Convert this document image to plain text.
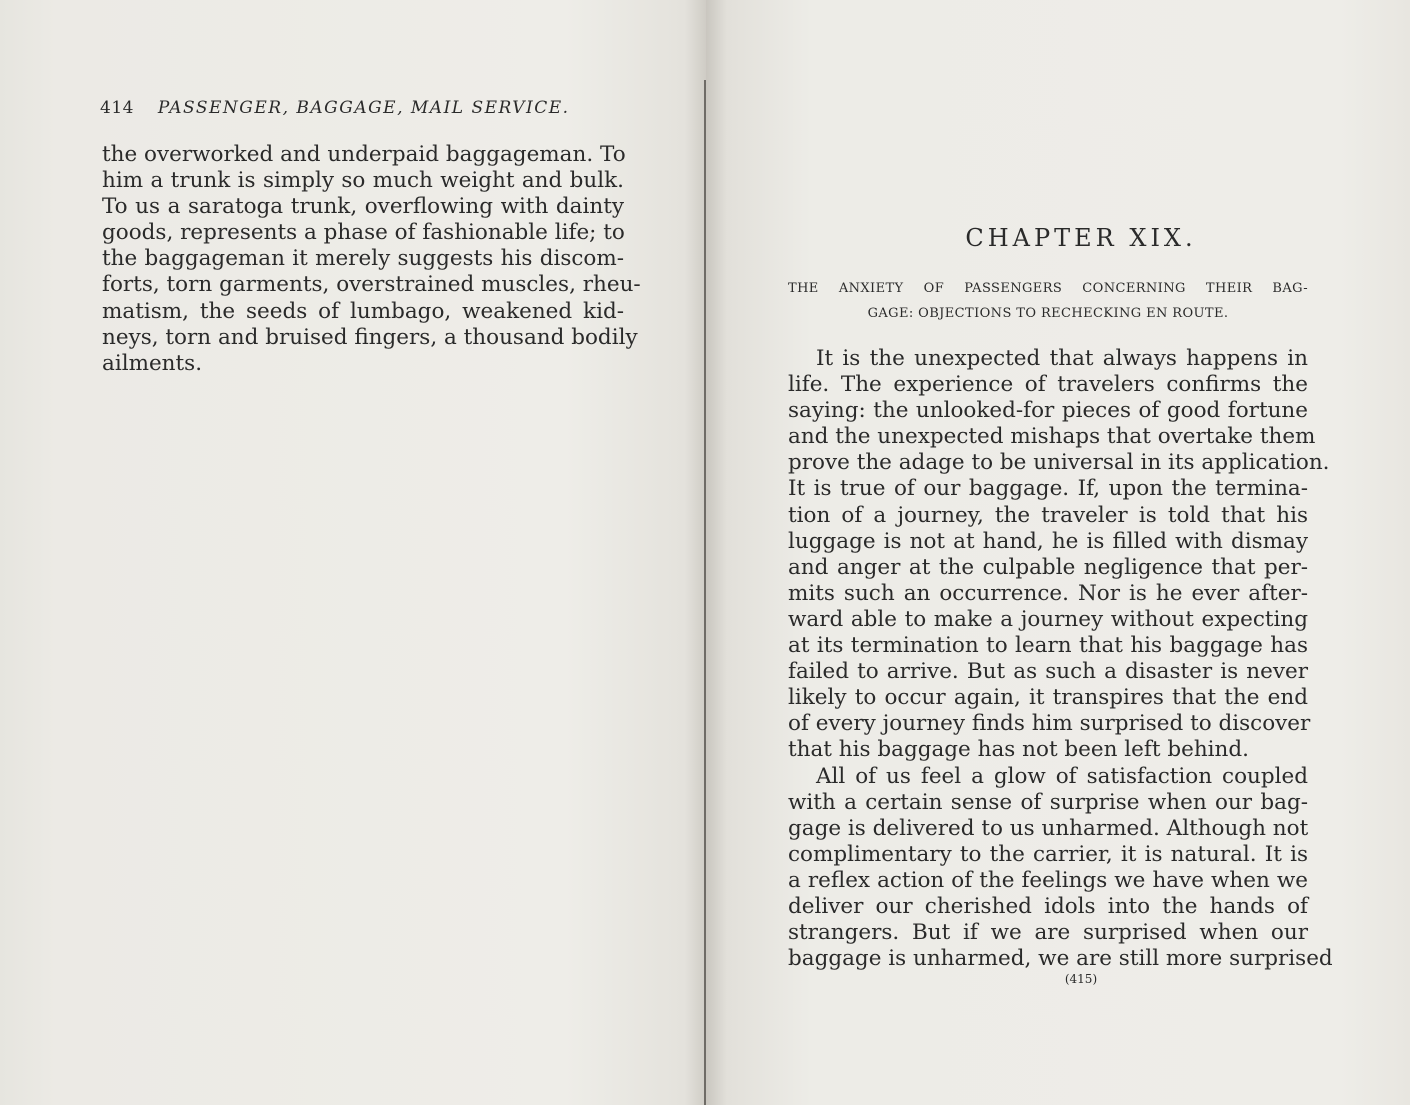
414 PASSENGER, BAGGAGE, MAIL SERVICE.
the overworked and underpaid baggageman. To
him a trunk is simply so much weight and bulk.
To us a saratoga trunk, overflowing with dainty
goods, represents a phase of fashionable life; to
the baggageman it merely suggests his discom-
forts, torn garments, overstrained muscles, rheu-
matism, the seeds of lumbago, weakened kid-
neys, torn and bruised fingers, a thousand bodily
ailments.
CHAPTER XIX.
THE ANXIETY OF PASSENGERS CONCERNING THEIR BAG-
GAGE: OBJECTIONS TO RECHECKING EN ROUTE.
It is the unexpected that always happens in
life. The experience of travelers confirms the
saying: the unlooked-for pieces of good fortune
and the unexpected mishaps that overtake them
prove the adage to be universal in its application.
It is true of our baggage. If, upon the termina-
tion of a journey, the traveler is told that his
luggage is not at hand, he is filled with dismay
and anger at the culpable negligence that per-
mits such an occurrence. Nor is he ever after-
ward able to make a journey without expecting
at its termination to learn that his baggage has
failed to arrive. But as such a disaster is never
likely to occur again, it transpires that the end
of every journey finds him surprised to discover
that his baggage has not been left behind.
All of us feel a glow of satisfaction coupled
with a certain sense of surprise when our bag-
gage is delivered to us unharmed. Although not
complimentary to the carrier, it is natural. It is
a reflex action of the feelings we have when we
deliver our cherished idols into the hands of
strangers. But if we are surprised when our
baggage is unharmed, we are still more surprised
(415)
